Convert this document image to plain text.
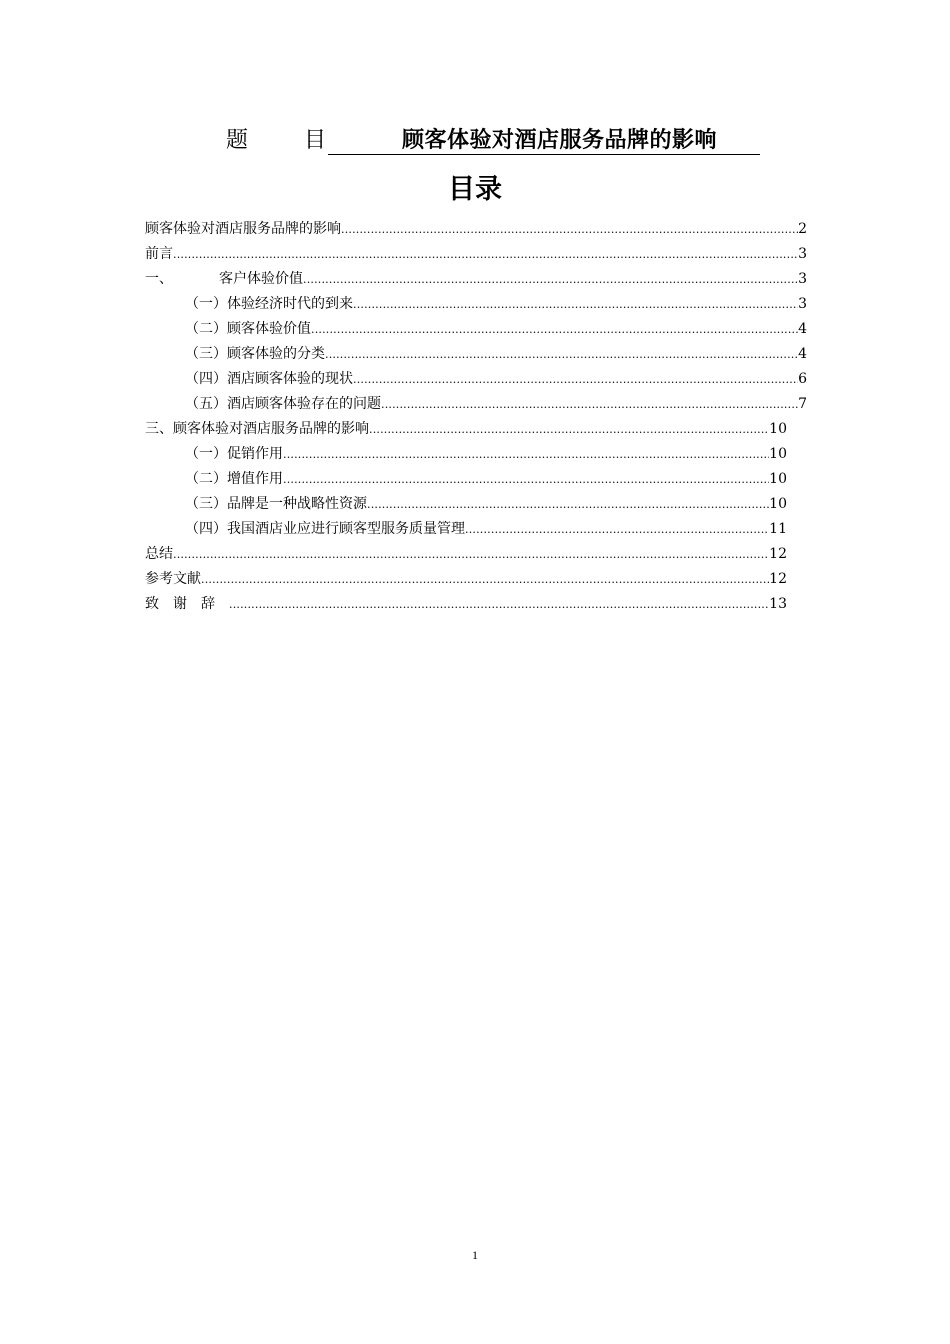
题	目	顾客体验对酒店服务品牌的影响
目录
顾客体验对酒店服务品牌的影响 .....	2
前言 .....	3
一、	客户体验价值 .....	3
（一）体验经济时代的到来 .....	3
（二）顾客体验价值 .....	4
（三）顾客体验的分类 .....	4
（四）酒店顾客体验的现状 .....	6
（五）酒店顾客体验存在的问题 .....	7
三、顾客体验对酒店服务品牌的影响 .....	10
（一）促销作用 .....	10
（二）增值作用 .....	10
（三）品牌是一种战略性资源 .....	10
（四）我国酒店业应进行顾客型服务质量管理 .....	11
总结 .....	12
参考文献 .....	12
致谢辞 .....	13
1
